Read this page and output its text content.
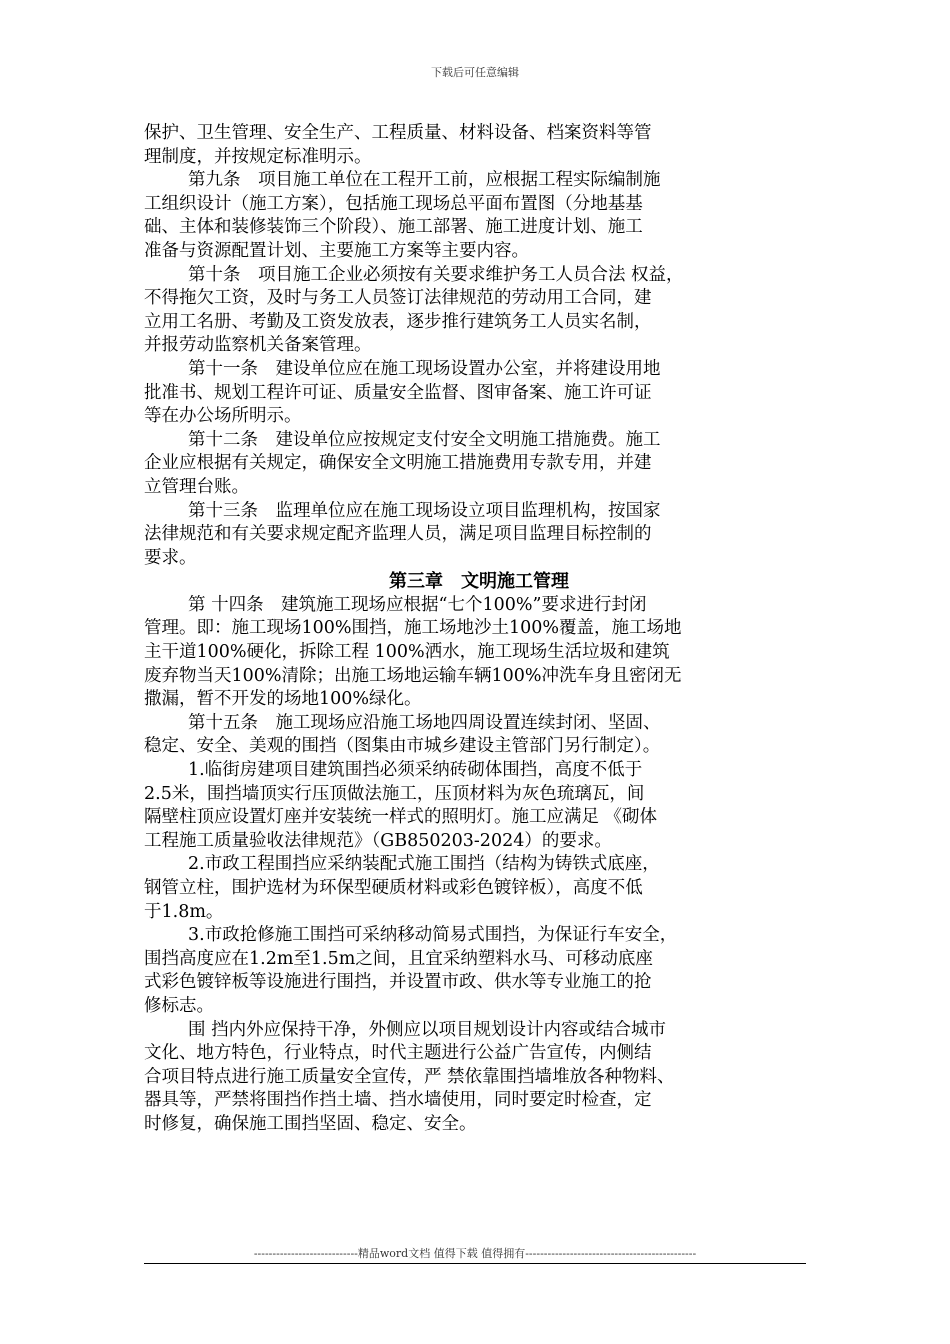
下载后可任意编辑
保护、卫生管理、安全生产、工程质量、材料设备、档案资料等管
理制度，并按规定标准明示。
第九条　项目施工单位在工程开工前，应根据工程实际编制施
工组织设计（施工方案），包括施工现场总平面布置图（分地基基
础、主体和装修装饰三个阶段）、施工部署、施工进度计划、施工
准备与资源配置计划、主要施工方案等主要内容。
第十条　项目施工企业必须按有关要求维护务工人员合法 权益，
不得拖欠工资，及时与务工人员签订法律规范的劳动用工合同，建
立用工名册、考勤及工资发放表，逐步推行建筑务工人员实名制，
并报劳动监察机关备案管理。
第十一条　建设单位应在施工现场设置办公室，并将建设用地
批准书、规划工程许可证、质量安全监督、图审备案、施工许可证
等在办公场所明示。
第十二条　建设单位应按规定支付安全文明施工措施费。施工
企业应根据有关规定，确保安全文明施工措施费用专款专用，并建
立管理台账。
第十三条　监理单位应在施工现场设立项目监理机构，按国家
法律规范和有关要求规定配齐监理人员，满足项目监理目标控制的
要求。
第三章　文明施工管理
第 十四条　建筑施工现场应根据“七个100%”要求进行封闭
管理。即：施工现场100%围挡，施工场地沙土100%覆盖，施工场地
主干道100%硬化，拆除工程 100%洒水，施工现场生活垃圾和建筑
废弃物当天100%清除；出施工场地运输车辆100%冲洗车身且密闭无
撒漏，暂不开发的场地100%绿化。
第十五条　施工现场应沿施工场地四周设置连续封闭、坚固、
稳定、安全、美观的围挡（图集由市城乡建设主管部门另行制定）。
1.临街房建项目建筑围挡必须采纳砖砌体围挡，高度不低于
2.5米，围挡墙顶实行压顶做法施工，压顶材料为灰色琉璃瓦，间
隔壁柱顶应设置灯座并安装统一样式的照明灯。施工应满足 《砌体
工程施工质量验收法律规范》（GB850203-2024）的要求。
2.市政工程围挡应采纳装配式施工围挡（结构为铸铁式底座，
钢管立柱，围护选材为环保型硬质材料或彩色镀锌板），高度不低
于1.8m。
3.市政抢修施工围挡可采纳移动简易式围挡，为保证行车安全，
围挡高度应在1.2m至1.5m之间，且宜采纳塑料水马、可移动底座
式彩色镀锌板等设施进行围挡，并设置市政、供水等专业施工的抢
修标志。
围 挡内外应保持干净，外侧应以项目规划设计内容或结合城市
文化、地方特色，行业特点，时代主题进行公益广告宣传，内侧结
合项目特点进行施工质量安全宣传，严 禁依靠围挡墙堆放各种物料、
器具等，严禁将围挡作挡土墙、挡水墙使用，同时要定时检查，定
时修复，确保施工围挡坚固、稳定、安全。
----------------------------精品word文档 值得下载 值得拥有----------------------------------------------
